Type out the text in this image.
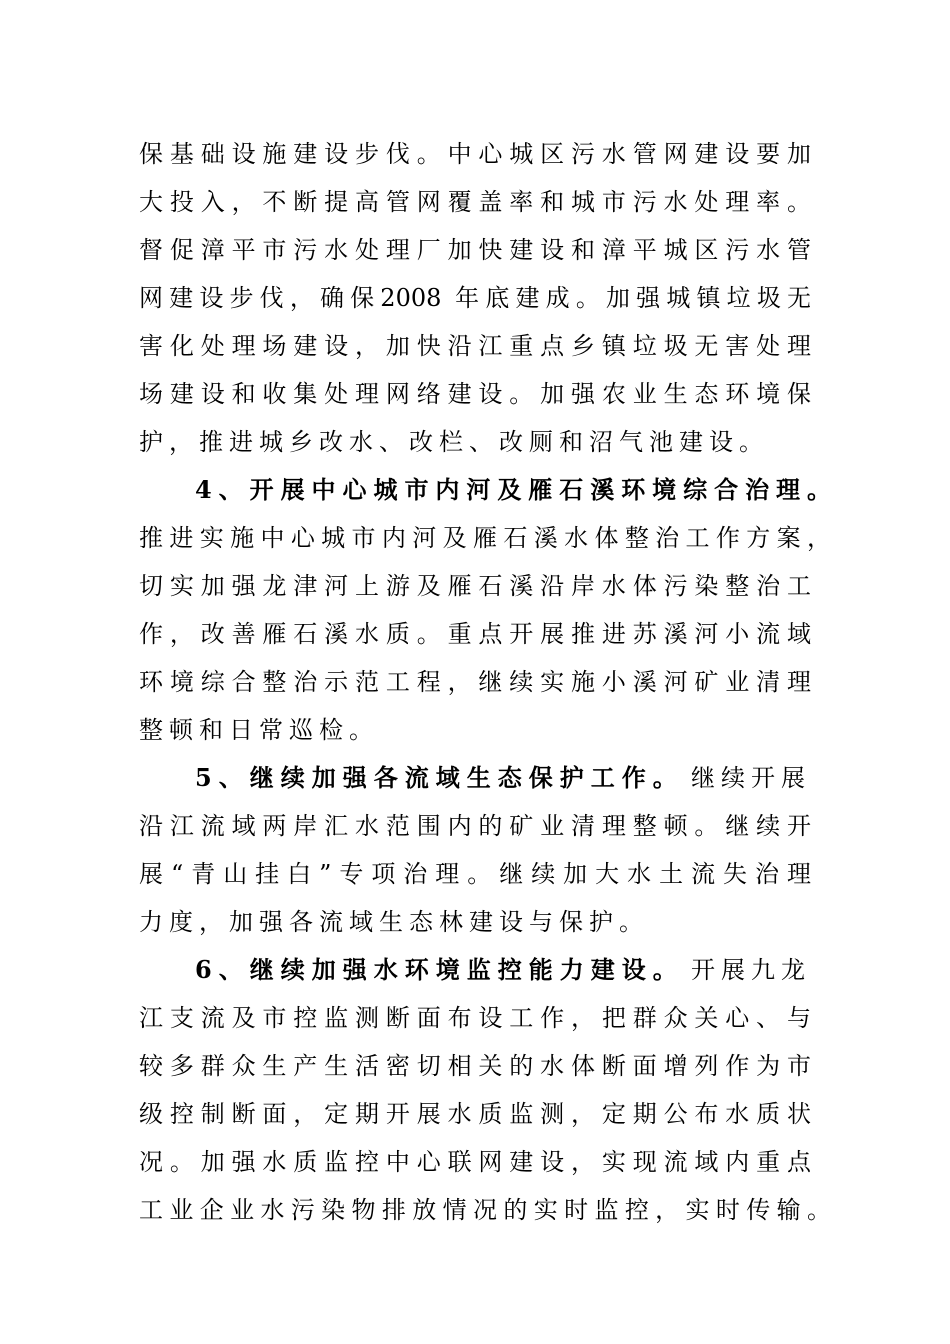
保基础设施建设步伐。中心城区污水管网建设要加
大投入，不断提高管网覆盖率和城市污水处理率。
督促漳平市污水处理厂加快建设和漳平城区污水管
网建设步伐，确保2008 年底建成。加强城镇垃圾无
害化处理场建设，加快沿江重点乡镇垃圾无害处理
场建设和收集处理网络建设。加强农业生态环境保
护，推进城乡改水、改栏、改厕和沼气池建设。
4、开展中心城市内河及雁石溪环境综合治理。
推进实施中心城市内河及雁石溪水体整治工作方案，
切实加强龙津河上游及雁石溪沿岸水体污染整治工
作，改善雁石溪水质。重点开展推进苏溪河小流域
环境综合整治示范工程，继续实施小溪河矿业清理
整顿和日常巡检。
5、继续加强各流域生态保护工作。 继续开展
沿江流域两岸汇水范围内的矿业清理整顿。继续开
展“青山挂白”专项治理。继续加大水土流失治理
力度，加强各流域生态林建设与保护。
6、继续加强水环境监控能力建设。 开展九龙
江支流及市控监测断面布设工作，把群众关心、与
较多群众生产生活密切相关的水体断面增列作为市
级控制断面，定期开展水质监测，定期公布水质状
况。加强水质监控中心联网建设，实现流域内重点
工业企业水污染物排放情况的实时监控，实时传输。
